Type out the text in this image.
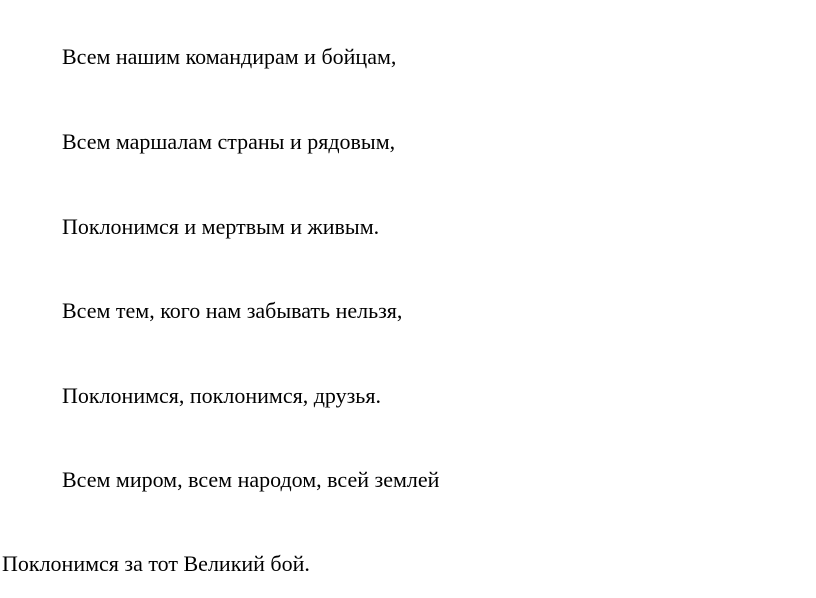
Всем нашим командирам и бойцам,

Всем маршалам страны и рядовым,

Поклонимся и мертвым и живым.

Всем тем, кого нам забывать нельзя,

Поклонимся, поклонимся, друзья.

Всем миром, всем народом, всей землей

Поклонимся за тот Великий бой.
